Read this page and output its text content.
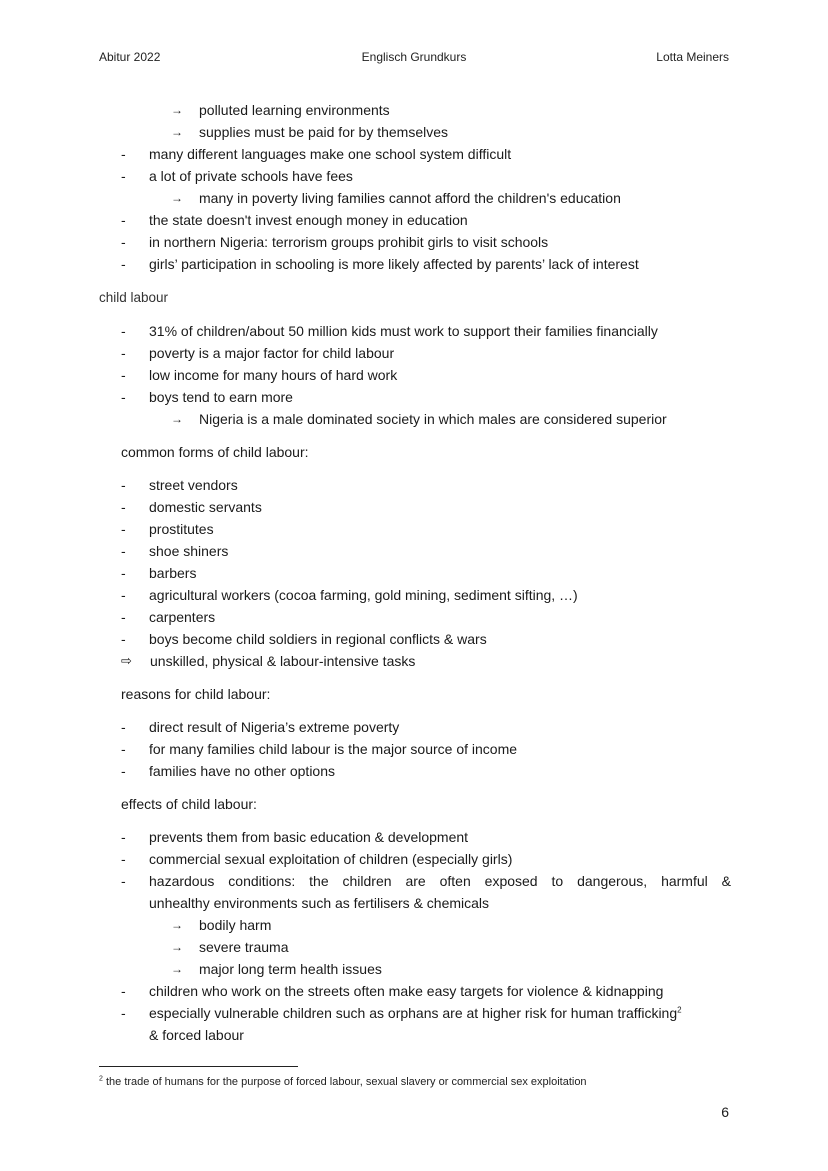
Abitur 2022	Englisch Grundkurs	Lotta Meiners
→ polluted learning environments
→ supplies must be paid for by themselves
- many different languages make one school system difficult
- a lot of private schools have fees
→ many in poverty living families cannot afford the children's education
- the state doesn't invest enough money in education
- in northern Nigeria: terrorism groups prohibit girls to visit schools
- girls’ participation in schooling is more likely affected by parents’ lack of interest
child labour
- 31% of children/about 50 million kids must work to support their families financially
- poverty is a major factor for child labour
- low income for many hours of hard work
- boys tend to earn more
→ Nigeria is a male dominated society in which males are considered superior
common forms of child labour:
- street vendors
- domestic servants
- prostitutes
- shoe shiners
- barbers
- agricultural workers (cocoa farming, gold mining, sediment sifting, …)
- carpenters
- boys become child soldiers in regional conflicts & wars
⇨ unskilled, physical & labour-intensive tasks
reasons for child labour:
- direct result of Nigeria’s extreme poverty
- for many families child labour is the major source of income
- families have no other options
effects of child labour:
- prevents them from basic education & development
- commercial sexual exploitation of children (especially girls)
- hazardous conditions: the children are often exposed to dangerous, harmful &
unhealthy environments such as fertilisers & chemicals
→ bodily harm
→ severe trauma
→ major long term health issues
- children who work on the streets often make easy targets for violence & kidnapping
- especially vulnerable children such as orphans are at higher risk for human trafficking$^2$
& forced labour
$^2$ the trade of humans for the purpose of forced labour, sexual slavery or commercial sex exploitation
6
